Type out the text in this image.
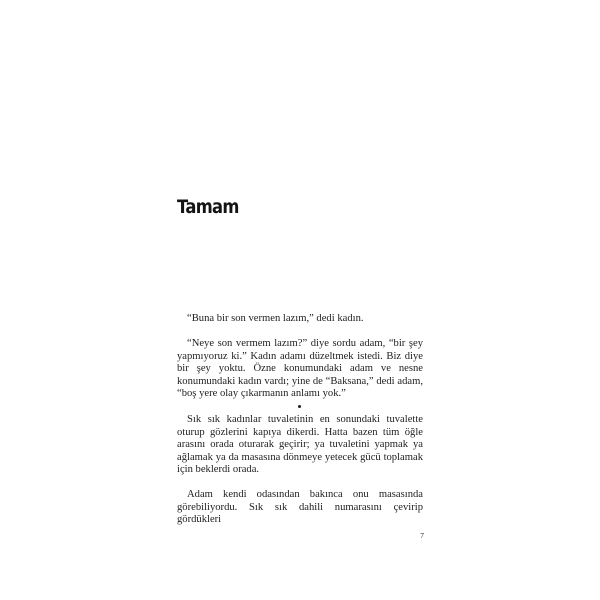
Tamam

“Buna bir son vermen lazım,” dedi kadın.

“Neye son vermem lazım?” diye sordu adam, “bir şey yapmıyoruz ki.” Kadın adamı düzeltmek istedi. Biz diye bir şey yoktu. Özne konumundaki adam ve nesne konumundaki kadın vardı; yine de “Baksana,” dedi adam, “boş yere olay çıkarmanın anlamı yok.”

Sık sık kadınlar tuvaletinin en sonundaki tuvalette oturup gözlerini kapıya dikerdi. Hatta bazen tüm öğle arasını orada oturarak geçirir; ya tuvaletini yapmak ya ağlamak ya da masasına dönmeye yetecek gücü toplamak için beklerdi orada.

Adam kendi odasından bakınca onu masasında görebiliyordu. Sık sık dahili numarasını çevirip gördükleri

7
